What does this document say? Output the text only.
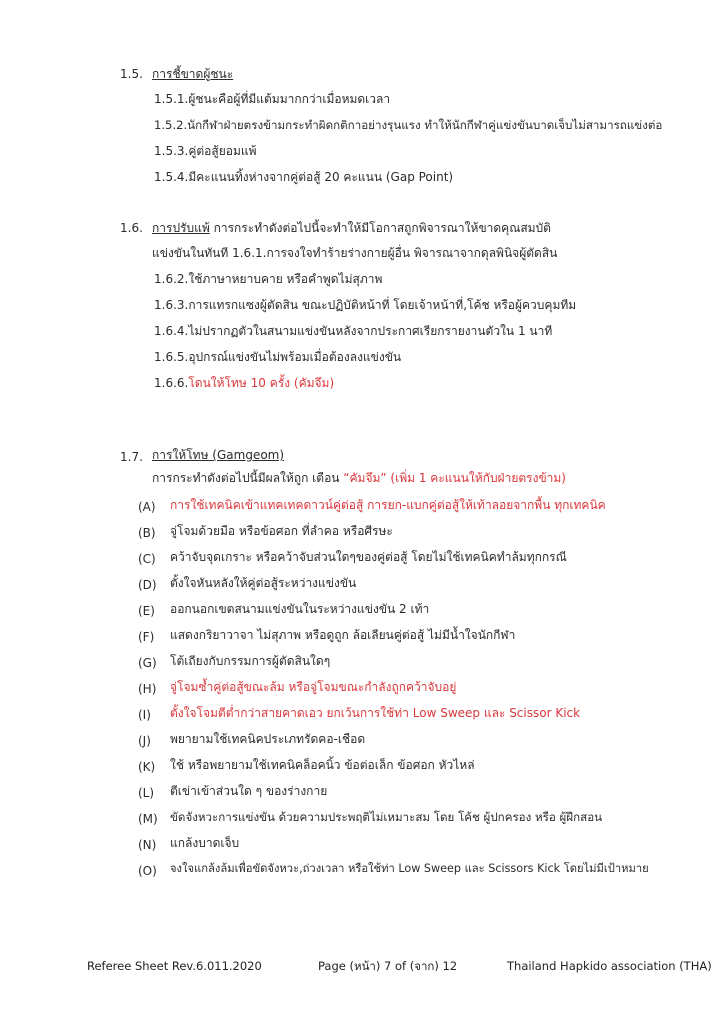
1.5. การชี้ขาดผู้ชนะ
1.5.1.ผู้ชนะคือผู้ที่มีแต้มมากกว่าเมื่อหมดเวลา
1.5.2.นักกีฬาฝ่ายตรงข้ามกระทำผิดกติกาอย่างรุนแรง ทำให้นักกีฬาคู่แข่งขันบาดเจ็บไม่สามารถแข่งต่อ
1.5.3.คู่ต่อสู้ยอมแพ้
1.5.4.มีคะแนนทิ้งห่างจากคู่ต่อสู้ 20 คะแนน (Gap Point)
1.6. การปรับแพ้ การกระทำดังต่อไปนี้จะทำให้มีโอกาสถูกพิจารณาให้ขาดคุณสมบัติ
แข่งขันในทันที 1.6.1.การจงใจทำร้ายร่างกายผู้อื่น พิจารณาจากดุลพินิจผู้ตัดสิน
1.6.2.ใช้ภาษาหยาบคาย หรือคำพูดไม่สุภาพ
1.6.3.การแทรกแซงผู้ตัดสิน ขณะปฏิบัติหน้าที่ โดยเจ้าหน้าที่,โค้ช หรือผู้ควบคุมทีม
1.6.4.ไม่ปรากฏตัวในสนามแข่งขันหลังจากประกาศเรียกรายงานตัวใน 1 นาที
1.6.5.อุปกรณ์แข่งขันไม่พร้อมเมื่อต้องลงแข่งขัน
1.6.6.โดนให้โทษ 10 ครั้ง (คัมจึม)
1.7. การให้โทษ (Gamgeom)
การกระทำดังต่อไปนี้มีผลให้ถูก เตือน “คัมจึม” (เพิ่ม 1 คะแนนให้กับฝ่ายตรงข้าม)
(A) การใช้เทคนิคเข้าแทคเทคดาวน์คู่ต่อสู้ การยก-แบกคู่ต่อสู้ให้เท้าลอยจากพื้น ทุกเทคนิค
(B) จู่โจมด้วยมือ หรือข้อศอก ที่ลำคอ หรือศีรษะ
(C) คว้าจับจุดเกราะ หรือคว้าจับส่วนใดๆของคู่ต่อสู้ โดยไม่ใช้เทคนิคทำล้มทุกกรณี
(D) ตั้งใจหันหลังให้คู่ต่อสู้ระหว่างแข่งขัน
(E) ออกนอกเขตสนามแข่งขันในระหว่างแข่งขัน 2 เท้า
(F) แสดงกริยาวาจา ไม่สุภาพ หรือดูถูก ล้อเลียนคู่ต่อสู้ ไม่มีน้ำใจนักกีฬา
(G) โต้เถียงกับกรรมการผู้ตัดสินใดๆ
(H) จู่โจมซ้ำคู่ต่อสู้ขณะล้ม หรือจู่โจมขณะกำลังถูกคว้าจับอยู่
(I) ตั้งใจโจมตีต่ำกว่าสายคาดเอว ยกเว้นการใช้ท่า Low Sweep และ Scissor Kick
(J) พยายามใช้เทคนิคประเภทรัดคอ-เชือด
(K) ใช้ หรือพยายามใช้เทคนิคล็อคนิ้ว ข้อต่อเล็ก ข้อศอก หัวไหล่
(L) ตีเข่าเข้าส่วนใด ๆ ของร่างกาย
(M) ขัดจังหวะการแข่งขัน ด้วยความประพฤติไม่เหมาะสม โดย โค้ช ผู้ปกครอง หรือ ผู้ฝึกสอน
(N) แกล้งบาดเจ็บ
(O) จงใจแกล้งล้มเพื่อขัดจังหวะ,ถ่วงเวลา หรือใช้ท่า Low Sweep และ Scissors Kick โดยไม่มีเป้าหมาย
Referee Sheet Rev.6.011.2020	Page (หน้า) 7 of (จาก) 12	Thailand Hapkido association (THA)
